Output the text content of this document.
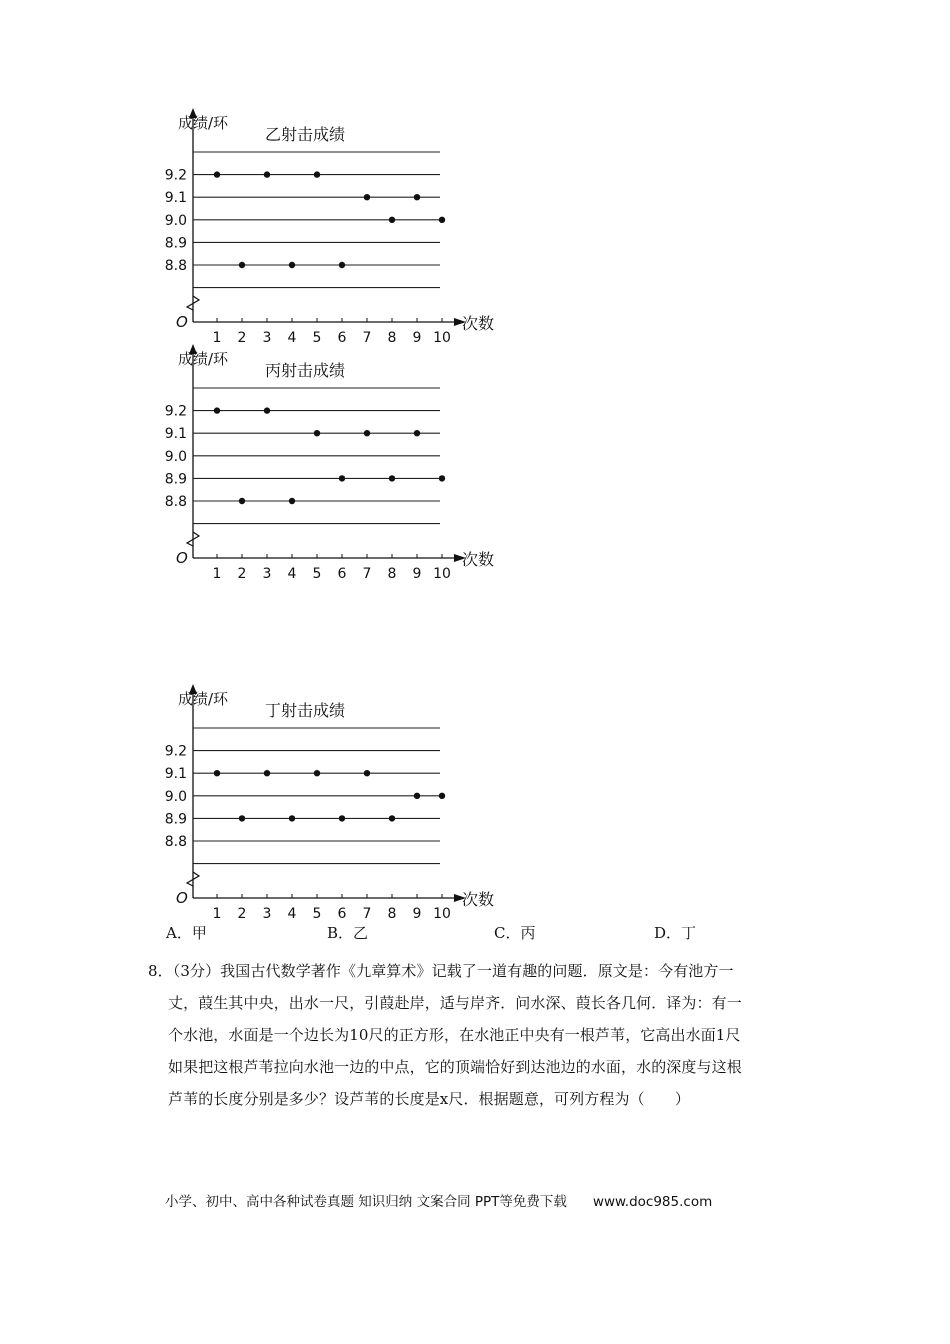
9.2
9.1
9.0
8.9
8.8
乙射击成绩
成绩/环
O
1 2 3 4 5 6 7 8 9 10
次数
9.2
9.1
9.0
8.9
8.8
丙射击成绩
成绩/环
O
1 2 3 4 5 6 7 8 9 10
次数
9.2
9.1
9.0
8.9
8.8
丁射击成绩
成绩/环
O
1 2 3 4 5 6 7 8 9 10
次数
A．甲	B．乙	C．丙	D．丁
8．（3分）我国古代数学著作《九章算术》记载了一道有趣的问题．原文是：今有池方一
丈，葭生其中央，出水一尺，引葭赴岸，适与岸齐．问水深、葭长各几何．译为：有一
个水池，水面是一个边长为10尺的正方形，在水池正中央有一根芦苇，它高出水面1尺
如果把这根芦苇拉向水池一边的中点，它的顶端恰好到达池边的水面，水的深度与这根
芦苇的长度分别是多少？设芦苇的长度是x尺．根据题意，可列方程为（　　）
小学、初中、高中各种试卷真题 知识归纳 文案合同 PPT等免费下载 www.doc985.com
